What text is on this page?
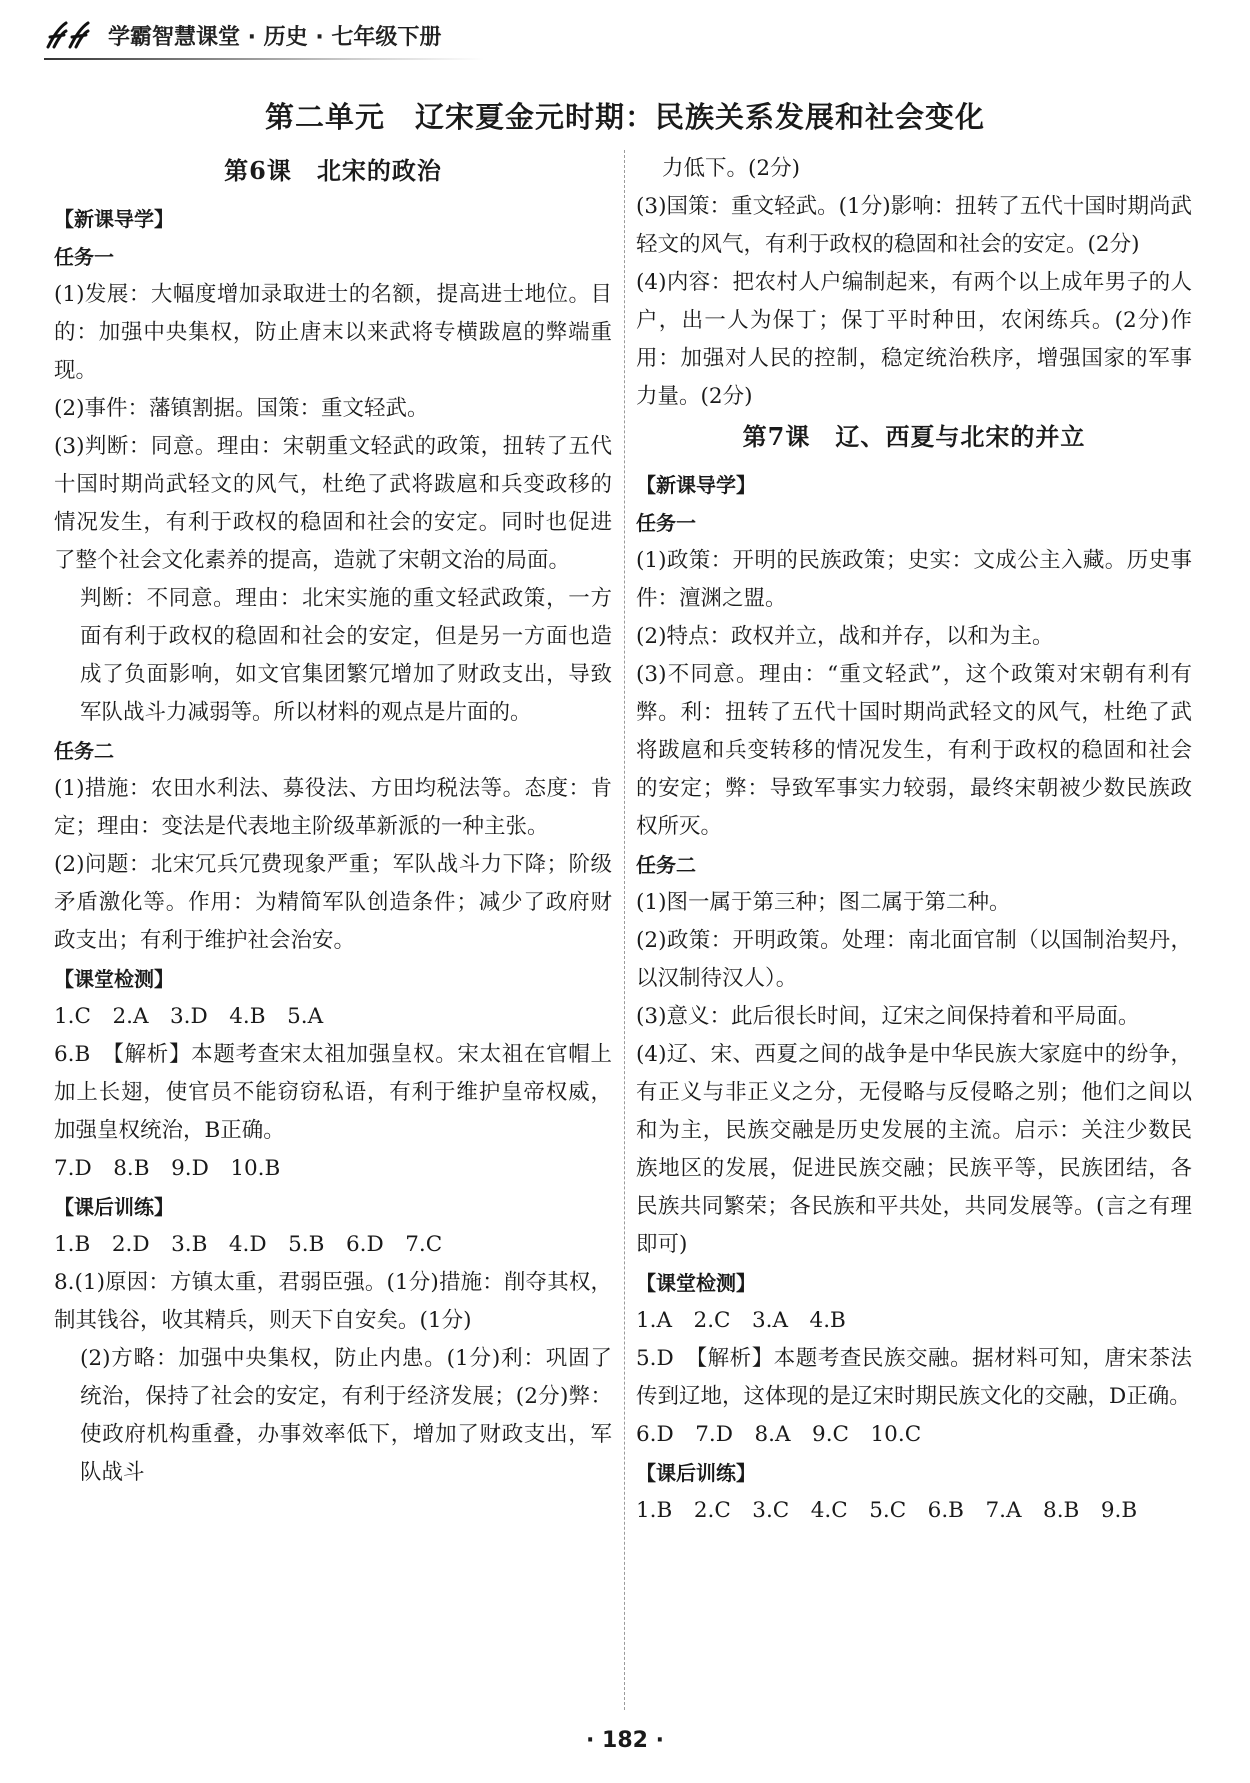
学霸智慧课堂 · 历史 · 七年级下册
第二单元　辽宋夏金元时期：民族关系发展和社会变化
第6课　北宋的政治

【新课导学】

任务一

(1)发展：大幅度增加录取进士的名额，提高进士地位。目的：加强中央集权，防止唐末以来武将专横跋扈的弊端重现。

(2)事件：藩镇割据。国策：重文轻武。

(3)判断：同意。理由：宋朝重文轻武的政策，扭转了五代十国时期尚武轻文的风气，杜绝了武将跋扈和兵变政移的情况发生，有利于政权的稳固和社会的安定。同时也促进了整个社会文化素养的提高，造就了宋朝文治的局面。

判断：不同意。理由：北宋实施的重文轻武政策，一方面有利于政权的稳固和社会的安定，但是另一方面也造成了负面影响，如文官集团繁冗增加了财政支出，导致军队战斗力减弱等。所以材料的观点是片面的。

任务二

(1)措施：农田水利法、募役法、方田均税法等。态度：肯定；理由：变法是代表地主阶级革新派的一种主张。

(2)问题：北宋冗兵冗费现象严重；军队战斗力下降；阶级矛盾激化等。作用：为精简军队创造条件；减少了政府财政支出；有利于维护社会治安。

【课堂检测】

1.C　2.A　3.D　4.B　5.A

6.B　【解析】本题考查宋太祖加强皇权。宋太祖在官帽上加上长翅，使官员不能窃窃私语，有利于维护皇帝权威，加强皇权统治，B正确。

7.D　8.B　9.D　10.B

【课后训练】

1.B　2.D　3.B　4.D　5.B　6.D　7.C

8.(1)原因：方镇太重，君弱臣强。(1分)措施：削夺其权，制其钱谷，收其精兵，则天下自安矣。(1分)

(2)方略：加强中央集权，防止内患。(1分)利：巩固了统治，保持了社会的安定，有利于经济发展；(2分)弊：使政府机构重叠，办事效率低下，增加了财政支出，军队战斗

力低下。(2分)

(3)国策：重文轻武。(1分)影响：扭转了五代十国时期尚武轻文的风气，有利于政权的稳固和社会的安定。(2分)

(4)内容：把农村人户编制起来，有两个以上成年男子的人户，出一人为保丁；保丁平时种田，农闲练兵。(2分)作用：加强对人民的控制，稳定统治秩序，增强国家的军事力量。(2分)

第7课　辽、西夏与北宋的并立

【新课导学】

任务一

(1)政策：开明的民族政策；史实：文成公主入藏。历史事件：澶渊之盟。

(2)特点：政权并立，战和并存，以和为主。

(3)不同意。理由：“重文轻武”，这个政策对宋朝有利有弊。利：扭转了五代十国时期尚武轻文的风气，杜绝了武将跋扈和兵变转移的情况发生，有利于政权的稳固和社会的安定；弊：导致军事实力较弱，最终宋朝被少数民族政权所灭。

任务二

(1)图一属于第三种；图二属于第二种。

(2)政策：开明政策。处理：南北面官制（以国制治契丹，以汉制待汉人）。

(3)意义：此后很长时间，辽宋之间保持着和平局面。

(4)辽、宋、西夏之间的战争是中华民族大家庭中的纷争，有正义与非正义之分，无侵略与反侵略之别；他们之间以和为主，民族交融是历史发展的主流。启示：关注少数民族地区的发展，促进民族交融；民族平等，民族团结，各民族共同繁荣；各民族和平共处，共同发展等。(言之有理即可)

【课堂检测】

1.A　2.C　3.A　4.B

5.D　【解析】本题考查民族交融。据材料可知，唐宋茶法传到辽地，这体现的是辽宋时期民族文化的交融，D正确。

6.D　7.D　8.A　9.C　10.C

【课后训练】

1.B　2.C　3.C　4.C　5.C　6.B　7.A　8.B　9.B

· 182 ·
